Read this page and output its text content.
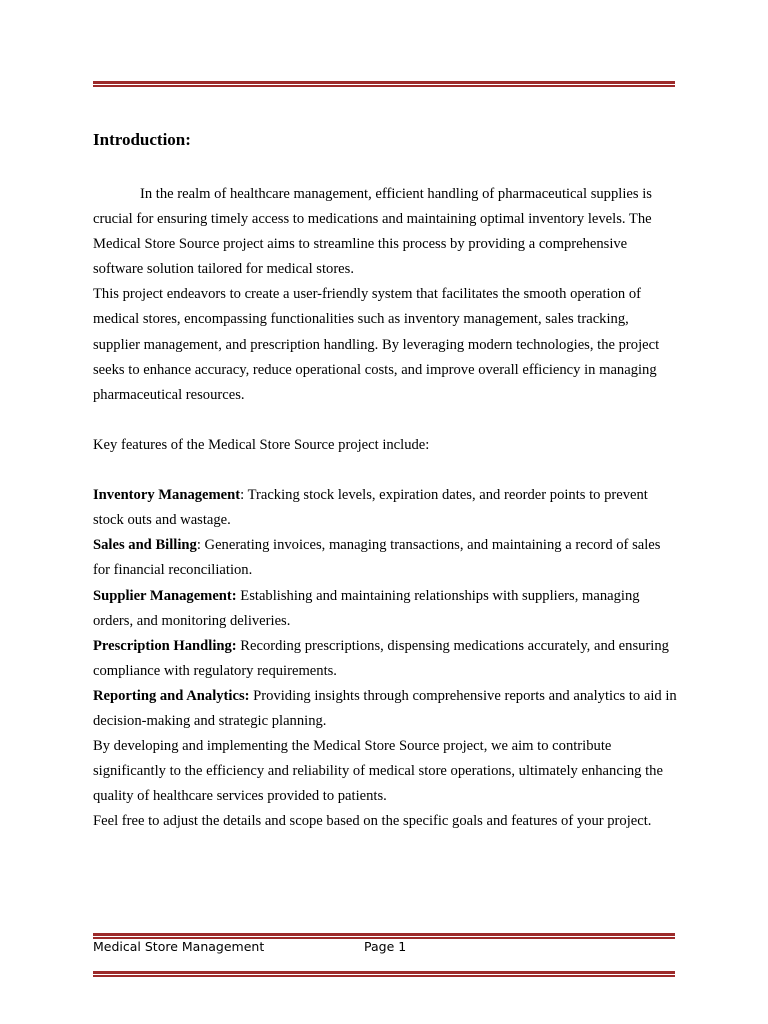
Introduction:

In the realm of healthcare management, efficient handling of pharmaceutical supplies is crucial for ensuring timely access to medications and maintaining optimal inventory levels. The Medical Store Source project aims to streamline this process by providing a comprehensive software solution tailored for medical stores.

This project endeavors to create a user-friendly system that facilitates the smooth operation of medical stores, encompassing functionalities such as inventory management, sales tracking, supplier management, and prescription handling. By leveraging modern technologies, the project seeks to enhance accuracy, reduce operational costs, and improve overall efficiency in managing pharmaceutical resources.

Key features of the Medical Store Source project include:

Inventory Management: Tracking stock levels, expiration dates, and reorder points to prevent stock outs and wastage.

Sales and Billing: Generating invoices, managing transactions, and maintaining a record of sales for financial reconciliation.

Supplier Management: Establishing and maintaining relationships with suppliers, managing orders, and monitoring deliveries.

Prescription Handling: Recording prescriptions, dispensing medications accurately, and ensuring compliance with regulatory requirements.

Reporting and Analytics: Providing insights through comprehensive reports and analytics to aid in decision-making and strategic planning.

By developing and implementing the Medical Store Source project, we aim to contribute significantly to the efficiency and reliability of medical store operations, ultimately enhancing the quality of healthcare services provided to patients.

Feel free to adjust the details and scope based on the specific goals and features of your project.

Medical Store Management	Page 1
